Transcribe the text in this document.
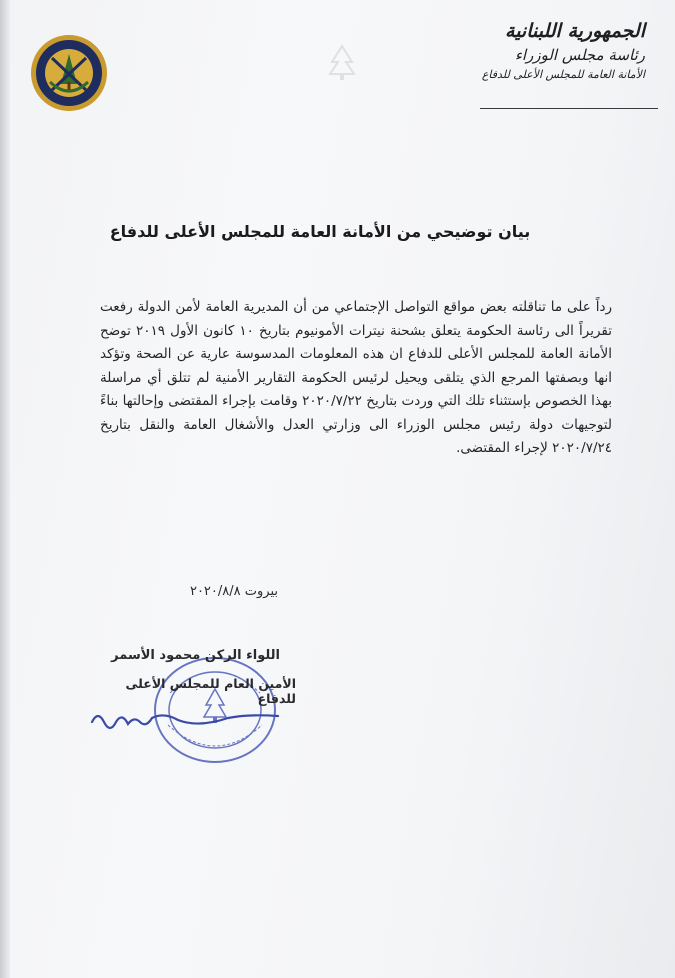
الجمهورية اللبنانية
رئاسة مجلس الوزراء
الأمانة العامة للمجلس الأعلى للدفاع
بيان توضيحي من الأمانة العامة للمجلس الأعلى للدفاع

رداً على ما تناقلته بعض مواقع التواصل الإجتماعي من أن المديرية العامة لأمن الدولة رفعت تقريراً الى رئاسة الحكومة يتعلق بشحنة نيترات الأمونيوم بتاريخ ١٠ كانون الأول ٢٠١٩ توضح الأمانة العامة للمجلس الأعلى للدفاع ان هذه المعلومات المدسوسة عارية عن الصحة وتؤكد انها وبصفتها المرجع الذي يتلقى ويحيل لرئيس الحكومة التقارير الأمنية لم تتلق أي مراسلة بهذا الخصوص بإستثناء تلك التي وردت بتاريخ ٢٠٢٠/٧/٢٢ وقامت بإجراء المقتضى وإحالتها بناءً لتوجيهات دولة رئيس مجلس الوزراء الى وزارتي العدل والأشغال العامة والنقل بتاريخ ٢٠٢٠/٧/٢٤ لإجراء المقتضى.

بيروت ٢٠٢٠/٨/٨
اللواء الركن محمود الأسمر
الأمين العام للمجلس الأعلى للدفاع
